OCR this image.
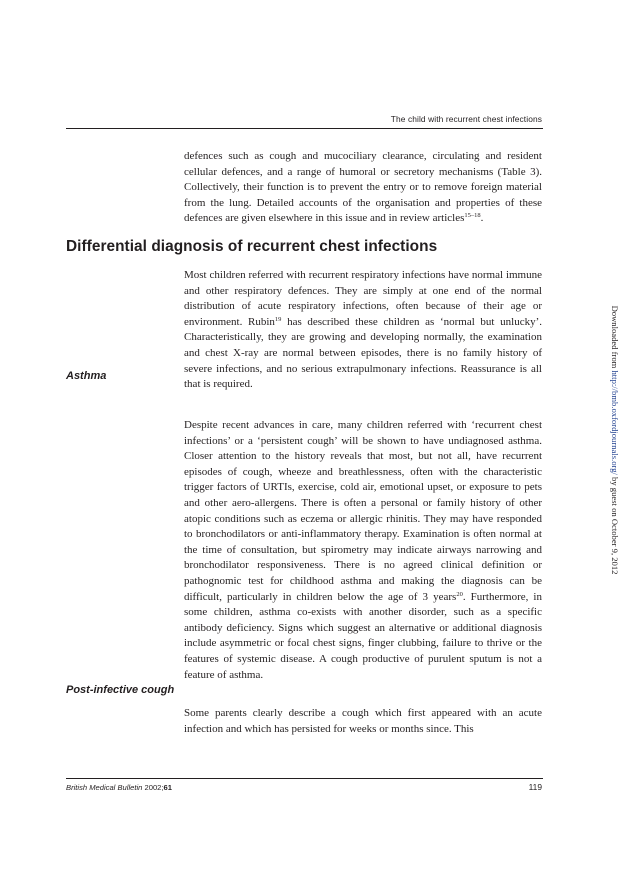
The child with recurrent chest infections

defences such as cough and mucociliary clearance, circulating and resident cellular defences, and a range of humoral or secretory mechanisms (Table 3). Collectively, their function is to prevent the entry or to remove foreign material from the lung. Detailed accounts of the organisation and properties of these defences are given elsewhere in this issue and in review articles$^{15-18}$.

Differential diagnosis of recurrent chest infections

Most children referred with recurrent respiratory infections have normal immune and other respiratory defences. They are simply at one end of the normal distribution of acute respiratory infections, often because of their age or environment. Rubin$^{19}$ has described these children as ‘normal but unlucky’. Characteristically, they are growing and developing normally, the examination and chest X-ray are normal between episodes, there is no family history of severe infections, and no serious extrapulmonary infections. Reassurance is all that is required.

Asthma

Despite recent advances in care, many children referred with ‘recurrent chest infections’ or a ‘persistent cough’ will be shown to have undiagnosed asthma. Closer attention to the history reveals that most, but not all, have recurrent episodes of cough, wheeze and breathlessness, often with the characteristic trigger factors of URTIs, exercise, cold air, emotional upset, or exposure to pets and other aero-allergens. There is often a personal or family history of other atopic conditions such as eczema or allergic rhinitis. They may have responded to bronchodilators or anti-inflammatory therapy. Examination is often normal at the time of consultation, but spirometry may indicate airways narrowing and bronchodilator responsiveness. There is no agreed clinical definition or pathognomic test for childhood asthma and making the diagnosis can be difficult, particularly in children below the age of 3 years$^{20}$. Furthermore, in some children, asthma co-exists with another disorder, such as a specific antibody deficiency. Signs which suggest an alternative or additional diagnosis include asymmetric or focal chest signs, finger clubbing, failure to thrive or the features of systemic disease. A cough productive of purulent sputum is not a feature of asthma.

Post-infective cough

Some parents clearly describe a cough which first appeared with an acute infection and which has persisted for weeks or months since. This

British Medical Bulletin 2002;61	119
Downloaded from http://bmb.oxfordjournals.org/ by guest on October 9, 2012
